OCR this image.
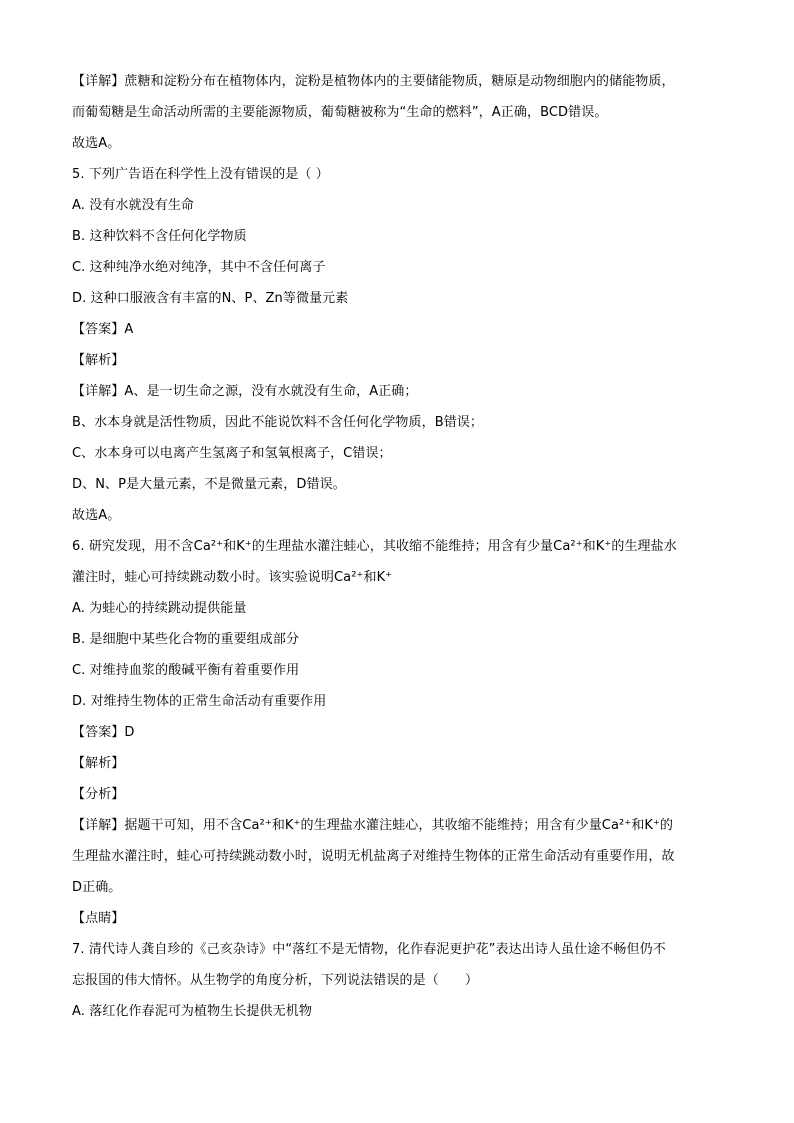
【详解】蔗糖和淀粉分布在植物体内，淀粉是植物体内的主要储能物质，糖原是动物细胞内的储能物质，
而葡萄糖是生命活动所需的主要能源物质，葡萄糖被称为“生命的燃料”，A正确，BCD错误。
故选A。
5. 下列广告语在科学性上没有错误的是（ ）
A. 没有水就没有生命
B. 这种饮料不含任何化学物质
C. 这种纯净水绝对纯净，其中不含任何离子
D. 这种口服液含有丰富的N、P、Zn等微量元素
【答案】A
【解析】
【详解】A、是一切生命之源，没有水就没有生命，A正确；
B、水本身就是活性物质，因此不能说饮料不含任何化学物质，B错误；
C、水本身可以电离产生氢离子和氢氧根离子，C错误；
D、N、P是大量元素，不是微量元素，D错误。
故选A。
6. 研究发现，用不含Ca²⁺和K⁺的生理盐水灌注蛙心，其收缩不能维持；用含有少量Ca²⁺和K⁺的生理盐水
灌注时，蛙心可持续跳动数小时。该实验说明Ca²⁺和K⁺
A. 为蛙心的持续跳动提供能量
B. 是细胞中某些化合物的重要组成部分
C. 对维持血浆的酸碱平衡有着重要作用
D. 对维持生物体的正常生命活动有重要作用
【答案】D
【解析】
【分析】
【详解】据题干可知，用不含Ca²⁺和K⁺的生理盐水灌注蛙心，其收缩不能维持；用含有少量Ca²⁺和K⁺的
生理盐水灌注时，蛙心可持续跳动数小时，说明无机盐离子对维持生物体的正常生命活动有重要作用，故
D正确。
【点睛】
7. 清代诗人龚自珍的《己亥杂诗》中“落红不是无情物，化作春泥更护花”表达出诗人虽仕途不畅但仍不
忘报国的伟大情怀。从生物学的角度分析，下列说法错误的是（　　）
A. 落红化作春泥可为植物生长提供无机物
